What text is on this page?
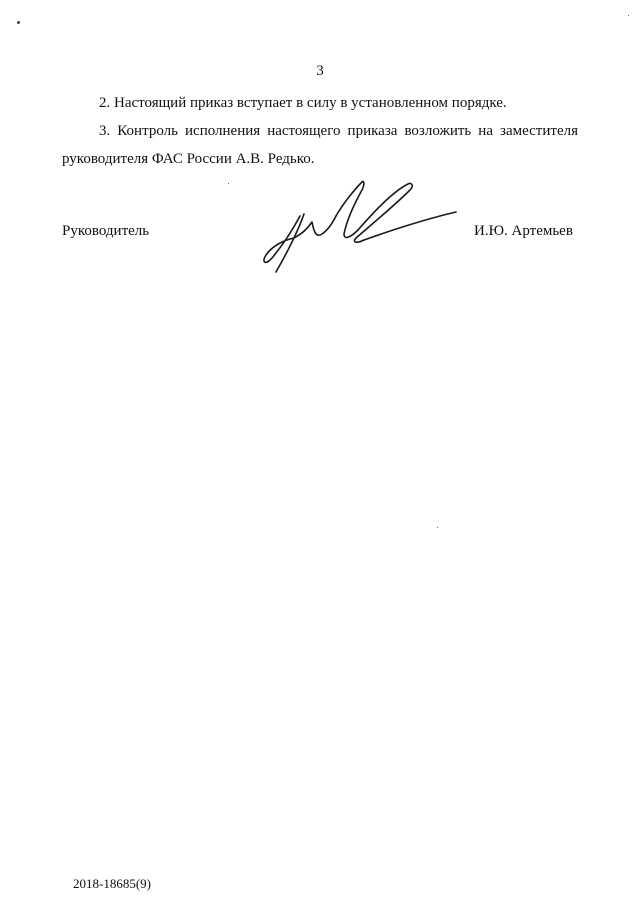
3

2. Настоящий приказ вступает в силу в установленном порядке.

3. Контроль исполнения настоящего приказа возложить на заместителя руководителя ФАС России А.В. Редько.

Руководитель	И.Ю. Артемьев
2018-18685(9)
